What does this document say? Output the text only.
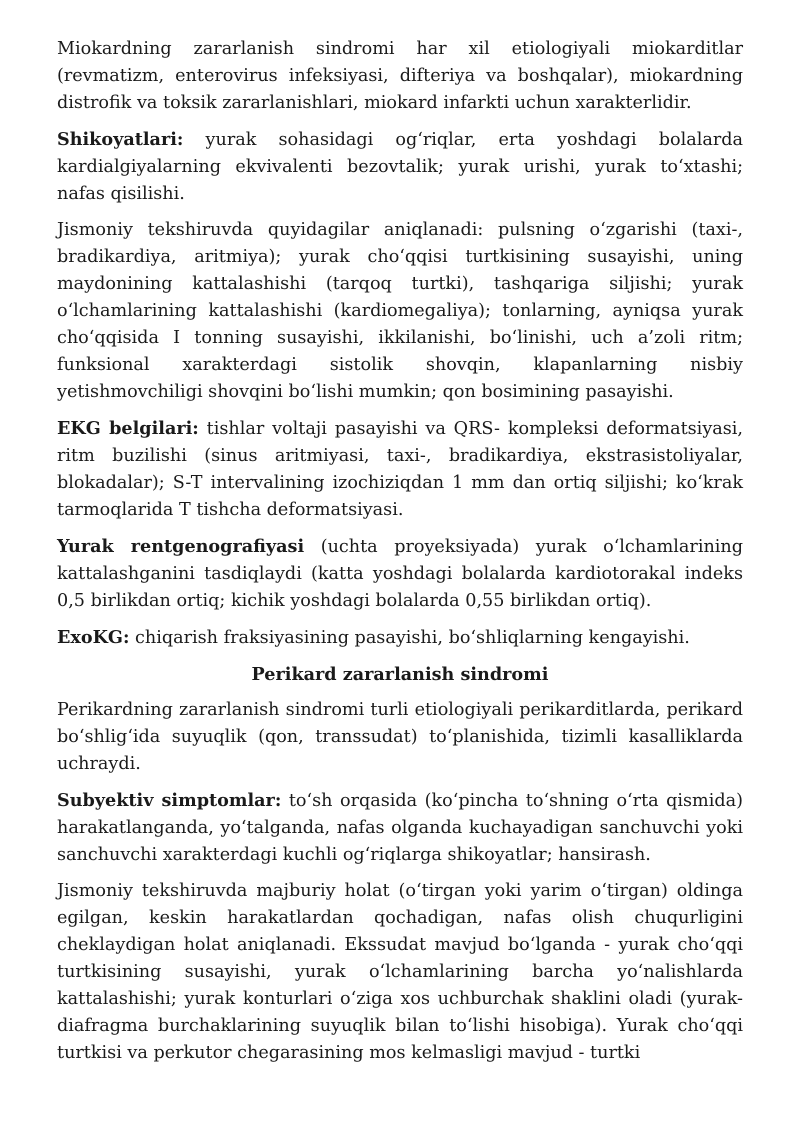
Miokardning zararlanish sindromi har xil etiologiyali miokarditlar (revmatizm, enterovirus infeksiyasi, difteriya va boshqalar), miokardning distrofik va toksik zararlanishlari, miokard infarkti uchun xarakterlidir.

Shikoyatlari: yurak sohasidagi og‘riqlar, erta yoshdagi bolalarda kardialgiyalarning ekvivalenti bezovtalik; yurak urishi, yurak to‘xtashi; nafas qisilishi.

Jismoniy tekshiruvda quyidagilar aniqlanadi: pulsning o‘zgarishi (taxi-, bradikardiya, aritmiya); yurak cho‘qqisi turtkisining susayishi, uning maydonining kattalashishi (tarqoq turtki), tashqariga siljishi; yurak o‘lchamlarining kattalashishi (kardiomegaliya); tonlarning, ayniqsa yurak cho‘qqisida I tonning susayishi, ikkilanishi, bo‘linishi, uch a’zoli ritm; funksional xarakterdagi sistolik shovqin, klapanlarning nisbiy yetishmovchiligi shovqini bo‘lishi mumkin; qon bosimining pasayishi.

EKG belgilari: tishlar voltaji pasayishi va QRS- kompleksi deformatsiyasi, ritm buzilishi (sinus aritmiyasi, taxi-, bradikardiya, ekstrasistoliyalar, blokadalar); S-T intervalining izochiziqdan 1 mm dan ortiq siljishi; ko‘krak tarmoqlarida T tishcha deformatsiyasi.

Yurak rentgenografiyasi (uchta proyeksiyada) yurak o‘lchamlarining kattalashganini tasdiqlaydi (katta yoshdagi bolalarda kardiotorakal indeks 0,5 birlikdan ortiq; kichik yoshdagi bolalarda 0,55 birlikdan ortiq).

ExoKG: chiqarish fraksiyasining pasayishi, bo‘shliqlarning kengayishi.

Perikard zararlanish sindromi

Perikardning zararlanish sindromi turli etiologiyali perikarditlarda, perikard bo‘shlig‘ida suyuqlik (qon, transsudat) to‘planishida, tizimli kasalliklarda uchraydi.

Subyektiv simptomlar: to‘sh orqasida (ko‘pincha to‘shning o‘rta qismida) harakatlanganda, yo‘talganda, nafas olganda kuchayadigan sanchuvchi yoki sanchuvchi xarakterdagi kuchli og‘riqlarga shikoyatlar; hansirash.

Jismoniy tekshiruvda majburiy holat (o‘tirgan yoki yarim o‘tirgan) oldinga egilgan, keskin harakatlardan qochadigan, nafas olish chuqurligini cheklaydigan holat aniqlanadi. Ekssudat mavjud bo‘lganda - yurak cho‘qqi turtkisining susayishi, yurak o‘lchamlarining barcha yo‘nalishlarda kattalashishi; yurak konturlari o‘ziga xos uchburchak shaklini oladi (yurak-diafragma burchaklarining suyuqlik bilan to‘lishi hisobiga). Yurak cho‘qqi turtkisi va perkutor chegarasining mos kelmasligi mavjud - turtki
